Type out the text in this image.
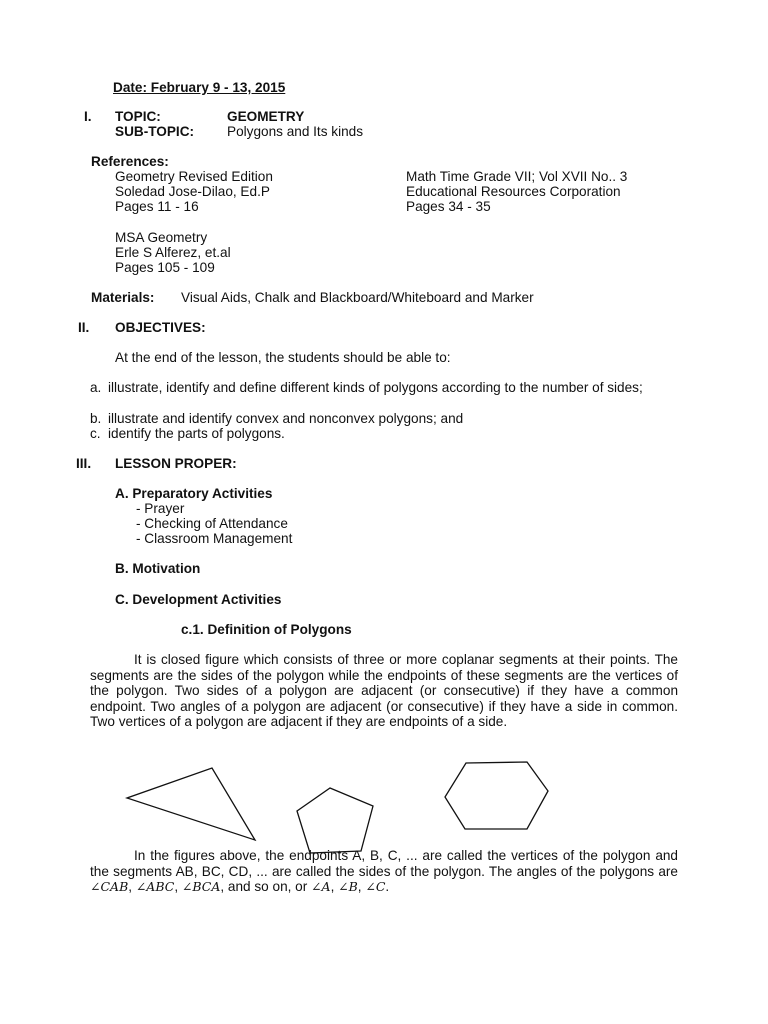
Date: February 9 - 13, 2015
I. TOPIC:	GEOMETRY
SUB-TOPIC: Polygons and Its kinds
References:
Geometry Revised Edition
Soledad Jose-Dilao, Ed.P
Pages 11 - 16
Math Time Grade VII; Vol XVII No.. 3
Educational Resources Corporation
Pages 34 - 35
MSA Geometry
Erle S Alferez, et.al
Pages 105 - 109
Materials: Visual Aids, Chalk and Blackboard/Whiteboard and Marker
II. OBJECTIVES:
At the end of the lesson, the students should be able to:
a. illustrate, identify and define different kinds of polygons according to the number of sides;
b. illustrate and identify convex and nonconvex polygons; and
c. identify the parts of polygons.
III. LESSON PROPER:
A. Preparatory Activities
- Prayer
- Checking of Attendance
- Classroom Management
B. Motivation
C. Development Activities
c.1. Definition of Polygons
It is closed figure which consists of three or more coplanar segments at their points. The segments are the sides of the polygon while the endpoints of these segments are the vertices of the polygon. Two sides of a polygon are adjacent (or consecutive) if they have a common endpoint. Two angles of a polygon are adjacent (or consecutive) if they have a side in common. Two vertices of a polygon are adjacent if they are endpoints of a side.
In the figures above, the endpoints A, B, C, ... are called the vertices of the polygon and the segments AB, BC, CD, ... are called the sides of the polygon. The angles of the polygons are ∠CAB, ∠ABC, ∠BCA, and so on, or ∠A, ∠B, ∠C.
